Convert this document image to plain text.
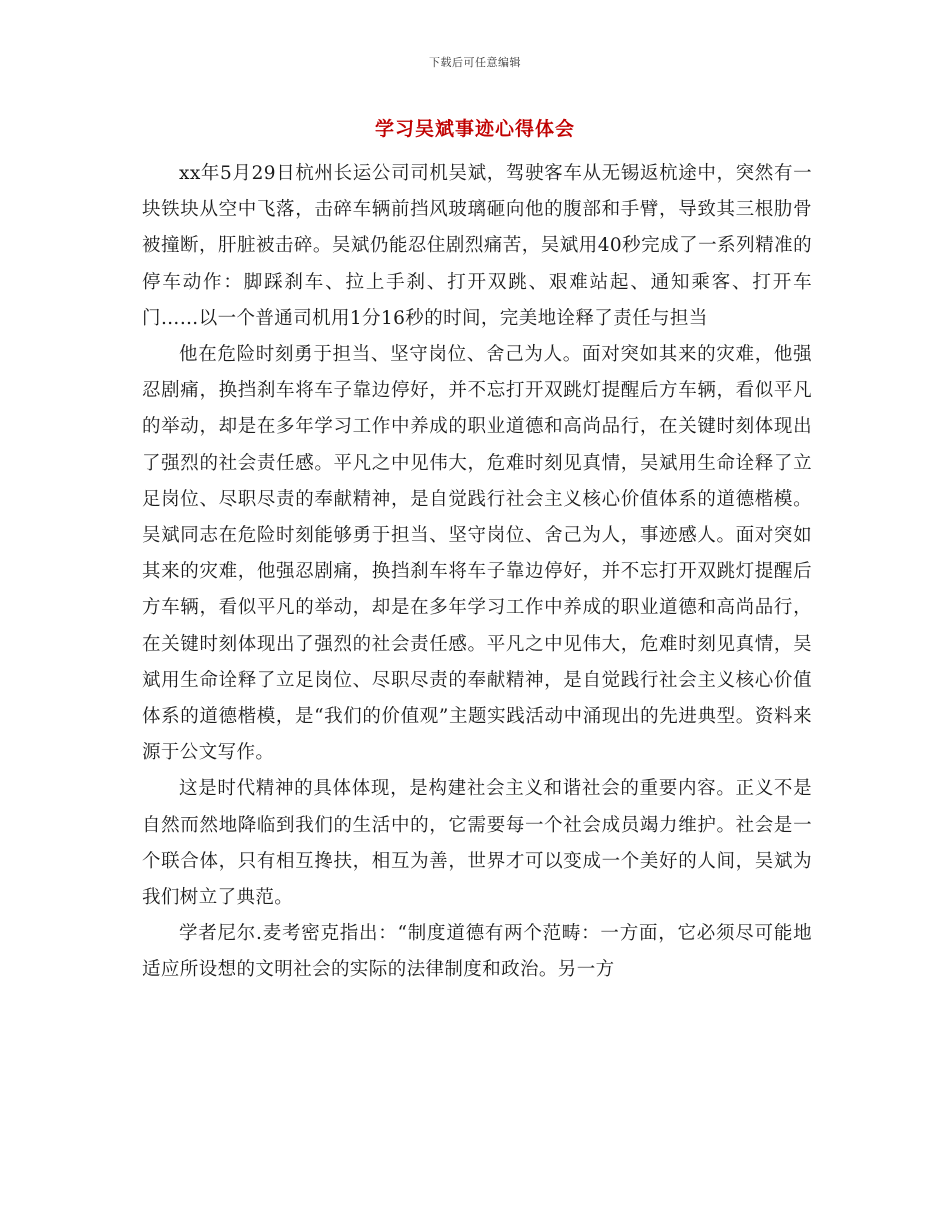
下载后可任意编辑
学习吴斌事迹心得体会

xx年5月29日杭州长运公司司机吴斌，驾驶客车从无锡返杭途中，突然有一块铁块从空中飞落，击碎车辆前挡风玻璃砸向他的腹部和手臂，导致其三根肋骨被撞断，肝脏被击碎。吴斌仍能忍住剧烈痛苦，吴斌用40秒完成了一系列精准的停车动作：脚踩刹车、拉上手刹、打开双跳、艰难站起、通知乘客、打开车门……以一个普通司机用1分16秒的时间，完美地诠释了责任与担当

他在危险时刻勇于担当、坚守岗位、舍己为人。面对突如其来的灾难，他强忍剧痛，换挡刹车将车子靠边停好，并不忘打开双跳灯提醒后方车辆，看似平凡的举动，却是在多年学习工作中养成的职业道德和高尚品行，在关键时刻体现出了强烈的社会责任感。平凡之中见伟大，危难时刻见真情，吴斌用生命诠释了立足岗位、尽职尽责的奉献精神，是自觉践行社会主义核心价值体系的道德楷模。吴斌同志在危险时刻能够勇于担当、坚守岗位、舍己为人，事迹感人。面对突如其来的灾难，他强忍剧痛，换挡刹车将车子靠边停好，并不忘打开双跳灯提醒后方车辆，看似平凡的举动，却是在多年学习工作中养成的职业道德和高尚品行，在关键时刻体现出了强烈的社会责任感。平凡之中见伟大，危难时刻见真情，吴斌用生命诠释了立足岗位、尽职尽责的奉献精神，是自觉践行社会主义核心价值体系的道德楷模，是“我们的价值观”主题实践活动中涌现出的先进典型。资料来源于公文写作。

这是时代精神的具体体现，是构建社会主义和谐社会的重要内容。正义不是自然而然地降临到我们的生活中的，它需要每一个社会成员竭力维护。社会是一个联合体，只有相互搀扶，相互为善，世界才可以变成一个美好的人间，吴斌为我们树立了典范。

学者尼尔.麦考密克指出：“制度道德有两个范畴：一方面，它必须尽可能地适应所设想的文明社会的实际的法律制度和政治。另一方
